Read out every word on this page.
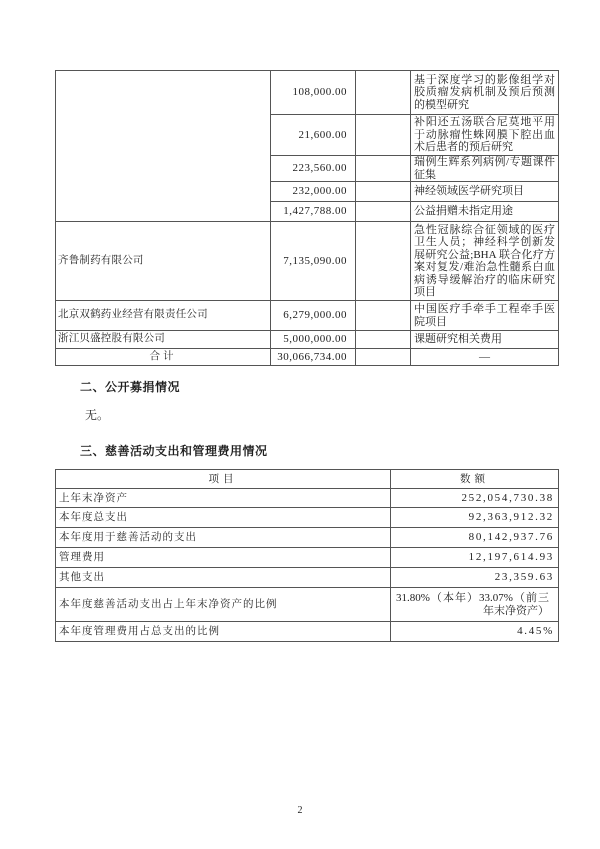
	108,000.00		基于深度学习的影像组学对胶质瘤发病机制及预后预测的模型研究
	21,600.00		补阳还五汤联合尼莫地平用于动脉瘤性蛛网膜下腔出血术后患者的预后研究
	223,560.00		瑞例生辉系列病例/专题课件征集
	232,000.00		神经领域医学研究项目
	1,427,788.00		公益捐赠未指定用途
齐鲁制药有限公司	7,135,090.00		急性冠脉综合征领域的医疗卫生人员；神经科学创新发展研究公益;BHA 联合化疗方案对复发/难治急性髓系白血病诱导缓解治疗的临床研究项目
北京双鹤药业经营有限责任公司	6,279,000.00		中国医疗手牵手工程牵手医院项目
浙江贝盛控股有限公司	5,000,000.00		课题研究相关费用
合计	30,066,734.00		—
二、公开募捐情况
无。
三、慈善活动支出和管理费用情况
项目	数额
上年末净资产	252,054,730.38
本年度总支出	92,363,912.32
本年度用于慈善活动的支出	80,142,937.76
管理费用	12,197,614.93
其他支出	23,359.63
本年度慈善活动支出占上年末净资产的比例	31.80%（本年）33.07%（前三年末净资产）
本年度管理费用占总支出的比例	4.45%
2
